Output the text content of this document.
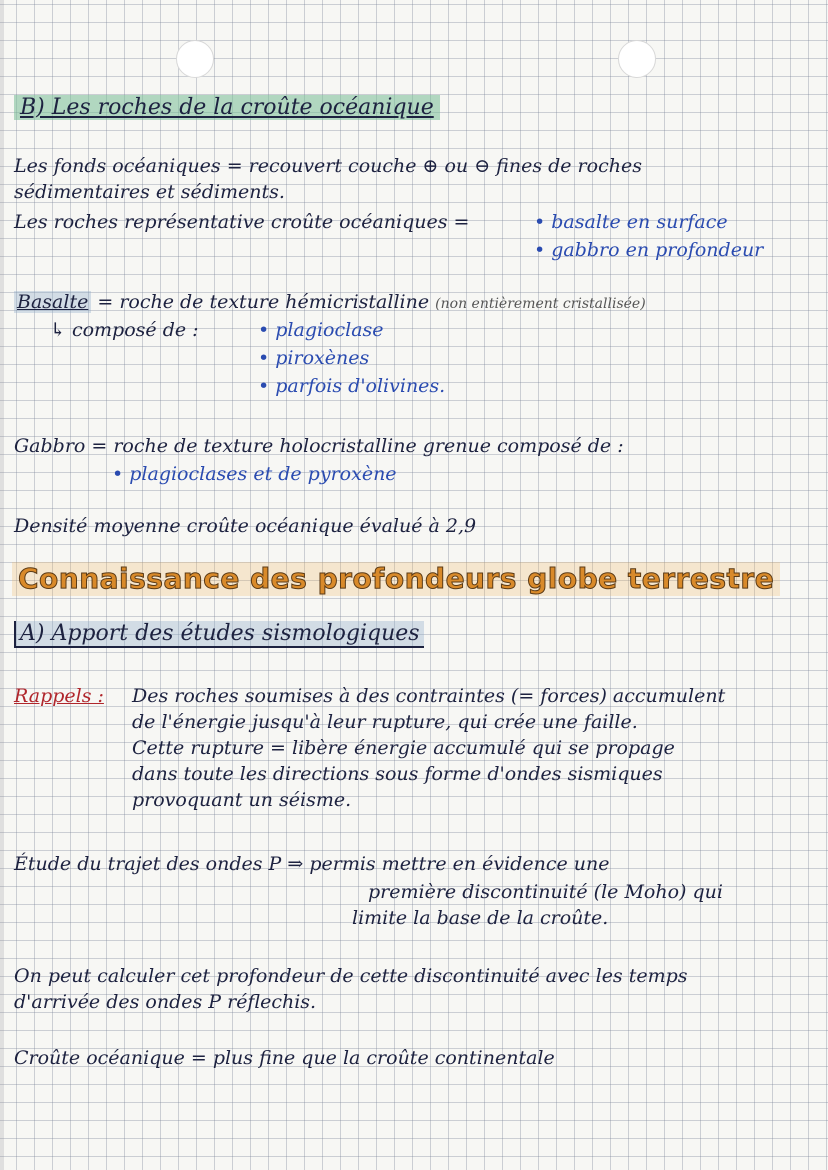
B) Les roches de la croûte océanique
Les fonds océaniques = recouvert couche ⊕ ou ⊖ fines de roches
sédimentaires et sédiments.
Les roches représentative croûte océaniques =	• basalte en surface
• gabbro en profondeur
Basalte = roche de texture hémicristalline (non entièrement cristallisée)
↳ composé de :	• plagioclase
• piroxènes
• parfois d'olivines.
Gabbro = roche de texture holocristalline grenue composé de :
• plagioclases et de pyroxène
Densité moyenne croûte océanique évalué à 2,9
Connaissance des profondeurs globe terrestre
A) Apport des études sismologiques
Rappels : Des roches soumises à des contraintes (= forces) accumulent
de l'énergie jusqu'à leur rupture, qui crée une faille.
Cette rupture = libère énergie accumulé qui se propage
dans toute les directions sous forme d'ondes sismiques
provoquant un séisme.
Étude du trajet des ondes P ⇒ permis mettre en évidence une
première discontinuité (le Moho) qui
limite la base de la croûte.
On peut calculer cet profondeur de cette discontinuité avec les temps
d'arrivée des ondes P réflechis.
Croûte océanique = plus fine que la croûte continentale
